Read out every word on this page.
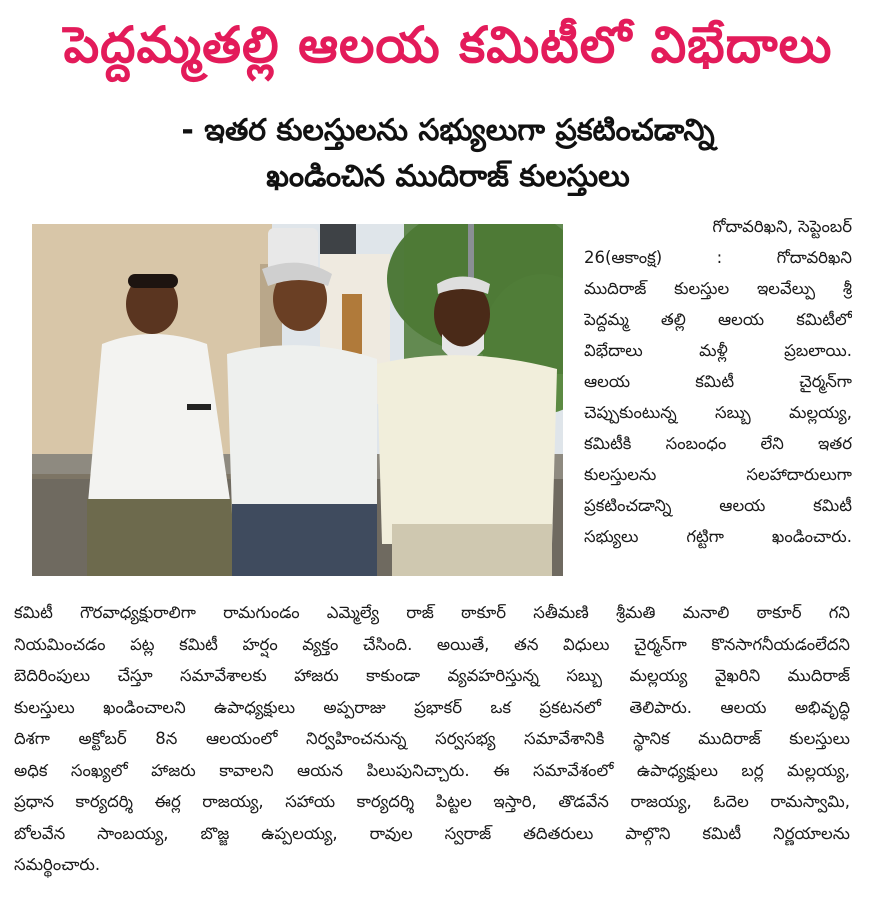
పెద్దమ్మతల్లి ఆలయ కమిటీలో విభేదాలు
- ఇతర కులస్తులను సభ్యులుగా ప్రకటించడాన్ని
ఖండించిన ముదిరాజ్ కులస్తులు
గోదావరిఖని, సెప్టెంబర్
26(ఆకాంక్ష) : గోదావరిఖని
ముదిరాజ్ కులస్తుల ఇలవేల్పు శ్రీ
పెద్దమ్మ తల్లి ఆలయ కమిటీలో
విభేదాలు మళ్లీ ప్రబలాయి.
ఆలయ కమిటీ చైర్మన్‌గా
చెప్పుకుంటున్న సబ్బు మల్లయ్య,
కమిటీకి సంబంధం లేని ఇతర
కులస్తులను సలహాదారులుగా
ప్రకటించడాన్ని ఆలయ కమిటీ
సభ్యులు గట్టిగా ఖండించారు.
కమిటీ గౌరవాధ్యక్షురాలిగా రామగుండం ఎమ్మెల్యే రాజ్ ఠాకూర్ సతీమణి శ్రీమతి మనాలి ఠాకూర్ గని
నియమించడం పట్ల కమిటీ హర్షం వ్యక్తం చేసింది. అయితే, తన విధులు చైర్మన్‌గా కొనసాగనీయడంలేదని
బెదిరింపులు చేస్తూ సమావేశాలకు హాజరు కాకుండా వ్యవహరిస్తున్న సబ్బు మల్లయ్య వైఖరిని ముదిరాజ్
కులస్తులు ఖండించాలని ఉపాధ్యక్షులు అప్పరాజు ప్రభాకర్ ఒక ప్రకటనలో తెలిపారు. ఆలయ అభివృద్ధి
దిశగా అక్టోబర్ 8న ఆలయంలో నిర్వహించనున్న సర్వసభ్య సమావేశానికి స్థానిక ముదిరాజ్ కులస్తులు
అధిక సంఖ్యలో హాజరు కావాలని ఆయన పిలుపునిచ్చారు. ఈ సమావేశంలో ఉపాధ్యక్షులు బర్ల మల్లయ్య,
ప్రధాన కార్యదర్శి ఈర్ల రాజయ్య, సహాయ కార్యదర్శి పిట్టల ఇస్తారి, తొడవేన రాజయ్య, ఓదెల రామస్వామి,
బోలవేన సాంబయ్య, బొజ్జ ఉప్పలయ్య, రావుల స్వరాజ్ తదితరులు పాల్గొని కమిటీ నిర్ణయాలను
సమర్థించారు.
